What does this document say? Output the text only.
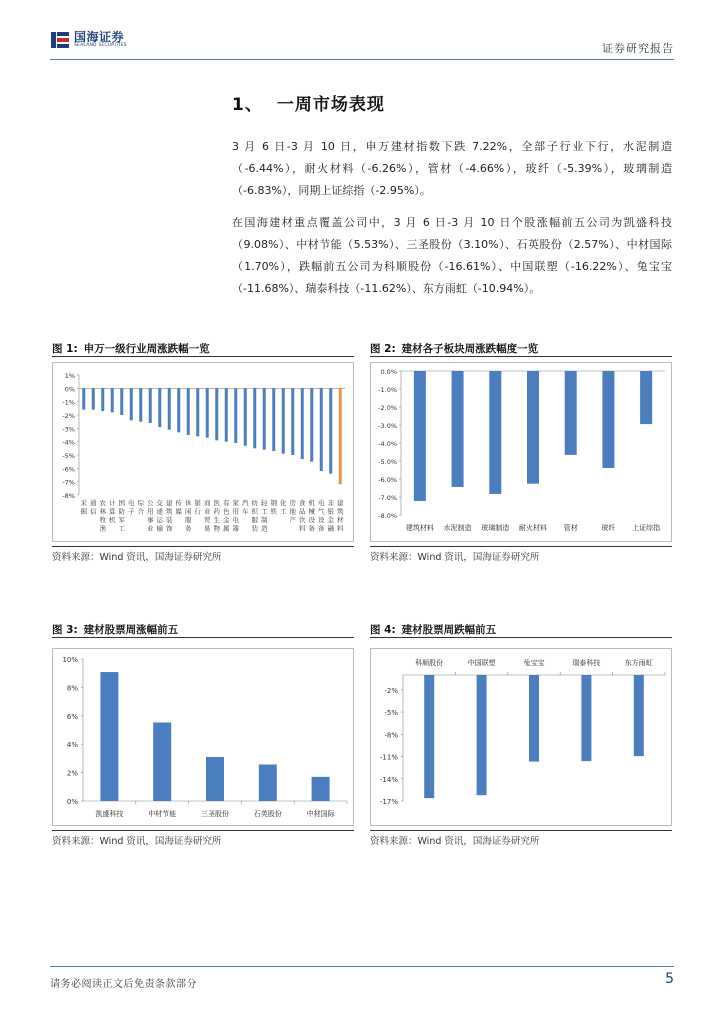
国海证券
SEALAND SECURITIES	证券研究报告
1、 一周市场表现
3 月 6 日-3 月 10 日，申万建材指数下跌 7.22%，全部子行业下行，水泥制造（-6.44%），耐火材料（-6.26%），管材（-4.66%），玻纤（-5.39%），玻璃制造（-6.83%），同期上证综指（-2.95%）。
在国海建材重点覆盖公司中，3 月 6 日-3 月 10 日个股涨幅前五公司为凯盛科技（9.08%）、中材节能（5.53%）、三圣股份（3.10%）、石英股份（2.57%）、中材国际（1.70%），跌幅前五公司为科顺股份（-16.61%）、中国联塑（-16.22%）、兔宝宝（-11.68%）、瑞泰科技（-11.62%）、东方雨虹（-10.94%）。
图 1: 申万一级行业周涨跌幅一览	图 2: 建材各子板块周涨跌幅度一览
图 3: 建材股票周涨幅前五	图 4: 建材股票周跌幅前五
1%
0%
-1%
-2%
-3%
-4%
-5%
-6%
-7%
-8%
采
掘
通
信
农
林
牧
渔
计
算
机
国
防
军
工
电
子
综
合
公
用
事
业
交
通
运
输
建
筑
装
饰
传
媒
休
闲
服
务
银
行
商
业
贸
易
医
药
生
物
有
色
金
属
家
用
电
器
汽
车
纺
织
服
装
轻
工
制
造
钢
铁
化
工
房
地
产
食
品
饮
料
机
械
设
备
电
气
设
备
非
银
金
融
建
筑
材
料
0.0%
-1.0%
-2.0%
-3.0%
-4.0%
-5.0%
-6.0%
-7.0%
-8.0%
建筑材料 水泥制造 玻璃制造 耐火材料 管材	玻纤 上证综指
10%
8%
6%
4%
2%
0%
凯盛科技	中材节能	三圣股份	石英股份	中材国际
-2%
-5%
-8%
-11%
-14%
-17%
科顺股份	中国联塑	兔宝宝	瑞泰科技	东方雨虹
资料来源：Wind 资讯，国海证券研究所	资料来源：Wind 资讯，国海证券研究所
资料来源：Wind 资讯，国海证券研究所	资料来源：Wind 资讯，国海证券研究所
请务必阅读正文后免责条款部分	5
